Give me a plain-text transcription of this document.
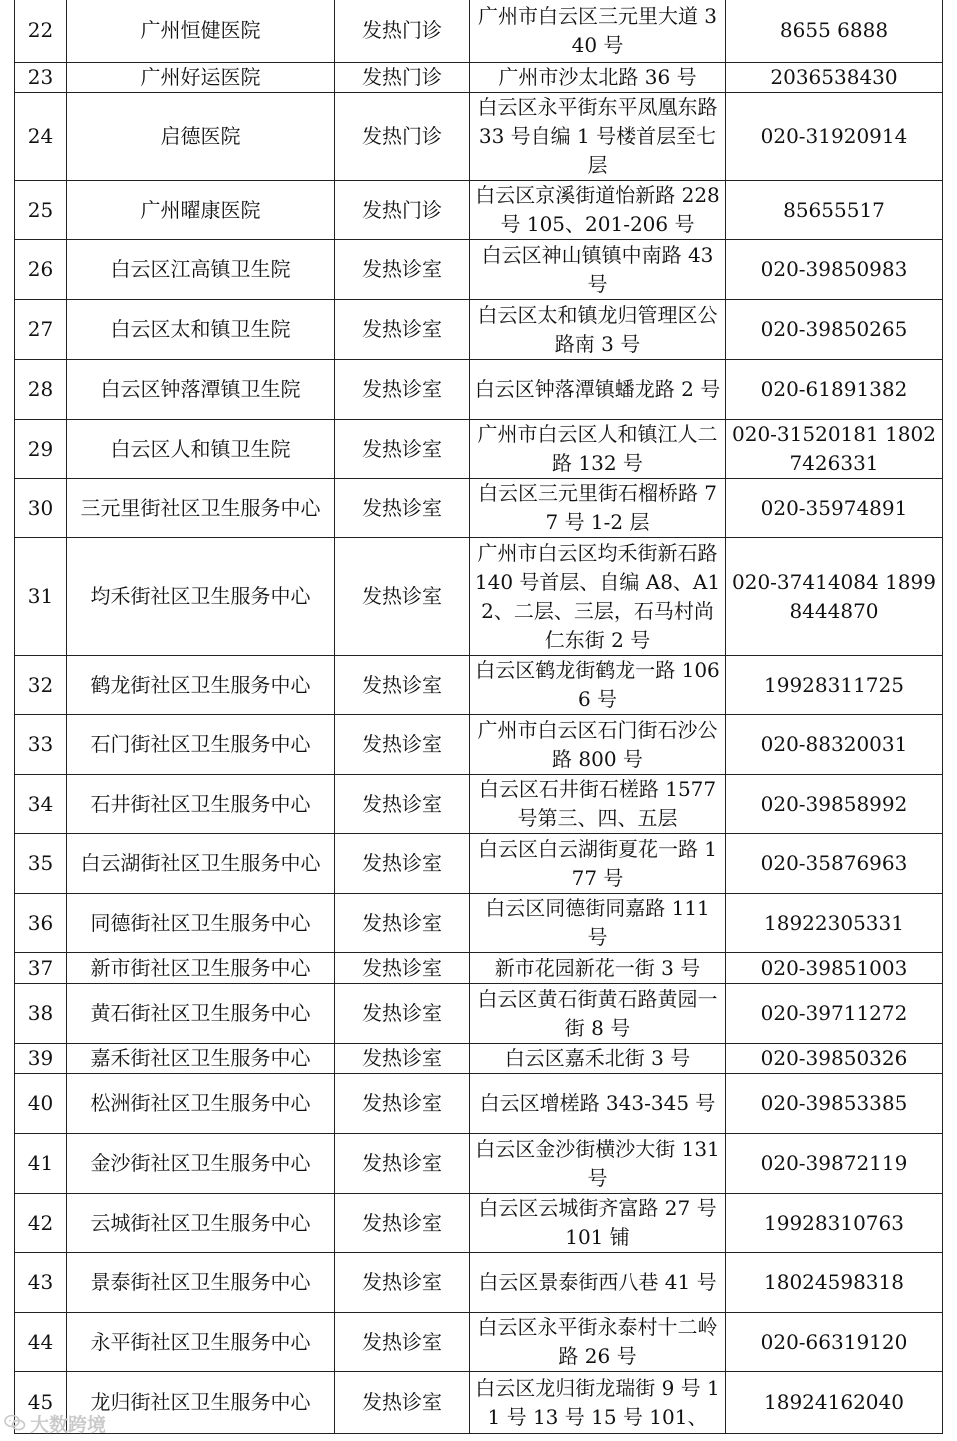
22	广州恒健医院	发热门诊	广州市白云区三元里大道 340 号	8655 6888
23	广州好运医院	发热门诊	广州市沙太北路 36 号	2036538430
24	启德医院	发热门诊	白云区永平街东平凤凰东路 33 号自编 1 号楼首层至七层	020-31920914
25	广州曜康医院	发热门诊	白云区京溪街道怡新路 228 号 105、201-206 号	85655517
26	白云区江高镇卫生院	发热诊室	白云区神山镇镇中南路 43 号	020-39850983
27	白云区太和镇卫生院	发热诊室	白云区太和镇龙归管理区公路南 3 号	020-39850265
28	白云区钟落潭镇卫生院	发热诊室	白云区钟落潭镇蟠龙路 2 号	020-61891382
29	白云区人和镇卫生院	发热诊室	广州市白云区人和镇江人二路 132 号	020-31520181 18027426331
30	三元里街社区卫生服务中心	发热诊室	白云区三元里街石榴桥路 77 号 1-2 层	020-35974891
31	均禾街社区卫生服务中心	发热诊室	广州市白云区均禾街新石路 140 号首层、自编 A8、A12、二层、三层，石马村尚仁东街 2 号	020-37414084 18998444870
32	鹤龙街社区卫生服务中心	发热诊室	白云区鹤龙街鹤龙一路 1066 号	19928311725
33	石门街社区卫生服务中心	发热诊室	广州市白云区石门街石沙公路 800 号	020-88320031
34	石井街社区卫生服务中心	发热诊室	白云区石井街石槎路 1577 号第三、四、五层	020-39858992
35	白云湖街社区卫生服务中心	发热诊室	白云区白云湖街夏花一路 177 号	020-35876963
36	同德街社区卫生服务中心	发热诊室	白云区同德街同嘉路 111 号	18922305331
37	新市街社区卫生服务中心	发热诊室	新市花园新花一街 3 号	020-39851003
38	黄石街社区卫生服务中心	发热诊室	白云区黄石街黄石路黄园一街 8 号	020-39711272
39	嘉禾街社区卫生服务中心	发热诊室	白云区嘉禾北街 3 号	020-39850326
40	松洲街社区卫生服务中心	发热诊室	白云区增槎路 343-345 号	020-39853385
41	金沙街社区卫生服务中心	发热诊室	白云区金沙街横沙大街 131 号	020-39872119
42	云城街社区卫生服务中心	发热诊室	白云区云城街齐富路 27 号 101 铺	19928310763
43	景泰街社区卫生服务中心	发热诊室	白云区景泰街西八巷 41 号	18024598318
44	永平街社区卫生服务中心	发热诊室	白云区永平街永泰村十二岭路 26 号	020-66319120
45	龙归街社区卫生服务中心	发热诊室	白云区龙归街龙瑞街 9 号 11 号 13 号 15 号 101、	18924162040
大数跨境
